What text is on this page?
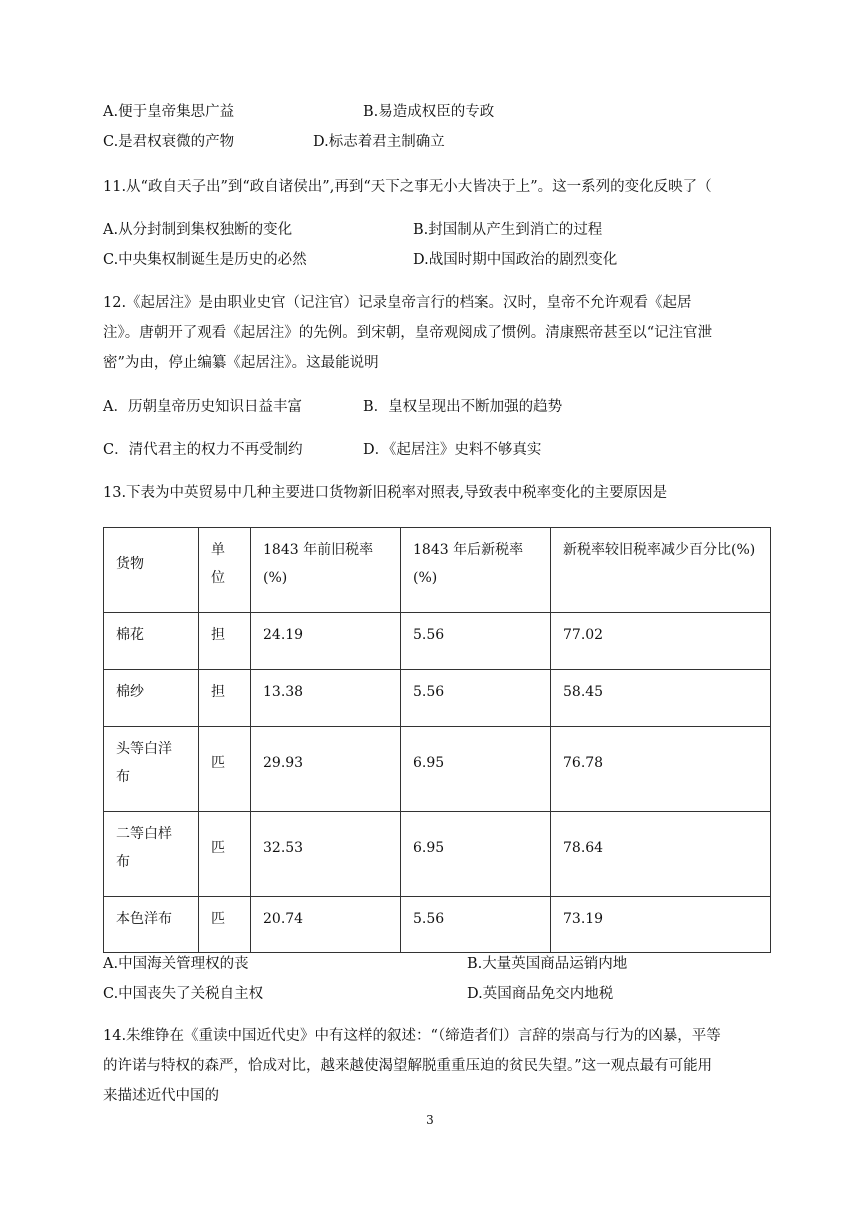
A.便于皇帝集思广益	B.易造成权臣的专政
C.是君权衰微的产物	D.标志着君主制确立
11.从“政自天子出”到“政自诸侯出”,再到“天下之事无小大皆决于上”。这一系列的变化反映了（
A.从分封制到集权独断的变化	B.封国制从产生到消亡的过程
C.中央集权制诞生是历史的必然	D.战国时期中国政治的剧烈变化
12.《起居注》是由职业史官（记注官）记录皇帝言行的档案。汉时，皇帝不允许观看《起居
注》。唐朝开了观看《起居注》的先例。到宋朝，皇帝观阅成了惯例。清康熙帝甚至以“记注官泄
密”为由，停止编纂《起居注》。这最能说明
A．历朝皇帝历史知识日益丰富	B．皇权呈现出不断加强的趋势
C．清代君主的权力不再受制约	D．《起居注》史料不够真实
13.下表为中英贸易中几种主要进口货物新旧税率对照表,导致表中税率变化的主要原因是
货物	单位	1843 年前旧税率(%)	1843 年后新税率(%)	新税率较旧税率减少百分比(%)
棉花	担	24.19	5.56	77.02
棉纱	担	13.38	5.56	58.45
头等白洋布	匹	29.93	6.95	76.78
二等白样布	匹	32.53	6.95	78.64
本色洋布	匹	20.74	5.56	73.19
A.中国海关管理权的丧	B.大量英国商品运销内地
C.中国丧失了关税自主权	D.英国商品免交内地税
14.朱维铮在《重读中国近代史》中有这样的叙述：“（缔造者们）言辞的崇高与行为的凶暴，平等
的许诺与特权的森严，恰成对比，越来越使渴望解脱重重压迫的贫民失望。”这一观点最有可能用
来描述近代中国的
3
